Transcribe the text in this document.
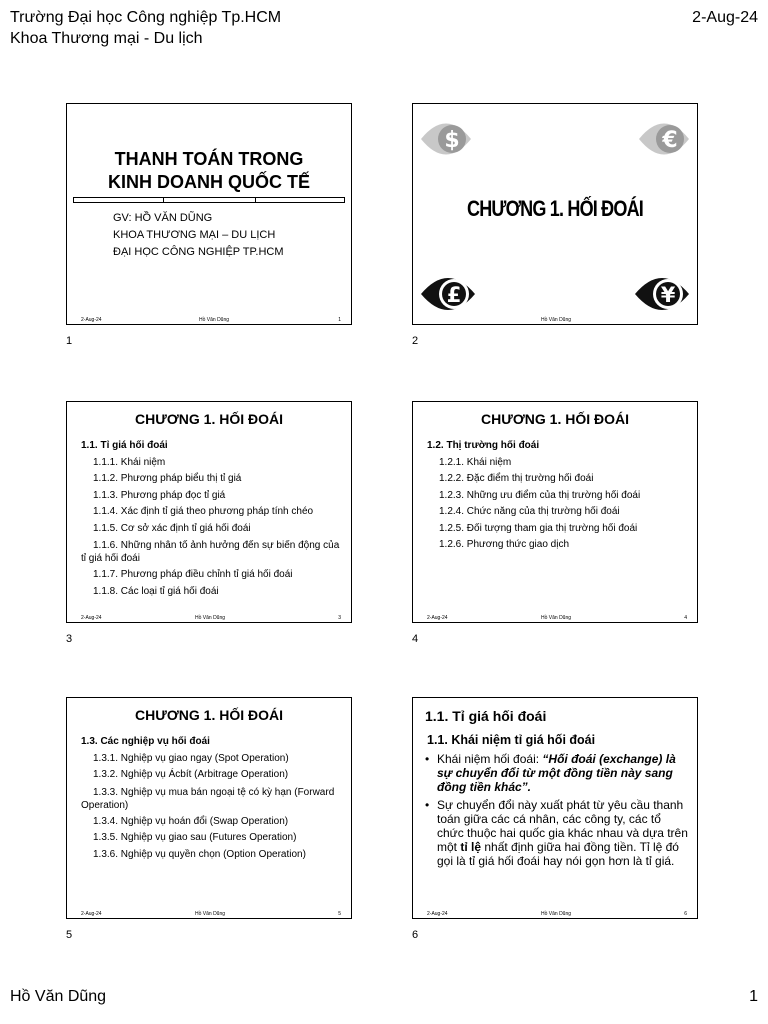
Trường Đại học Công nghiệp Tp.HCM
Khoa Thương mại - Du lịch
2-Aug-24
THANH TOÁN TRONG
KINH DOANH QUỐC TẾ
GV: HỒ VĂN DŨNG
KHOA THƯƠNG MẠI – DU LỊCH
ĐẠI HỌC CÔNG NGHIỆP TP.HCM
2-Aug-24	Hồ Văn Dũng	1
1
$	€
CHƯƠNG 1. HỐI ĐOÁI
£	¥
Hồ Văn Dũng
2
CHƯƠNG 1. HỐI ĐOÁI
1.1. Tỉ giá hối đoái
1.1.1. Khái niệm
1.1.2. Phương pháp biểu thị tỉ giá
1.1.3. Phương pháp đọc tỉ giá
1.1.4. Xác định tỉ giá theo phương pháp tính chéo
1.1.5. Cơ sở xác định tỉ giá hối đoái
1.1.6. Những nhân tố ảnh hưởng đến sự biến động của tỉ giá hối đoái
1.1.7. Phương pháp điều chỉnh tỉ giá hối đoái
1.1.8. Các loại tỉ giá hối đoái
2-Aug-24	Hồ Văn Dũng	3
3
CHƯƠNG 1. HỐI ĐOÁI
1.2. Thị trường hối đoái
1.2.1. Khái niệm
1.2.2. Đặc điểm thị trường hối đoái
1.2.3. Những ưu điểm của thị trường hối đoái
1.2.4. Chức năng của thị trường hối đoái
1.2.5. Đối tượng tham gia thị trường hối đoái
1.2.6. Phương thức giao dịch
2-Aug-24	Hồ Văn Dũng	4
4
CHƯƠNG 1. HỐI ĐOÁI
1.3. Các nghiệp vụ hối đoái
1.3.1. Nghiệp vụ giao ngay (Spot Operation)
1.3.2. Nghiệp vụ Ácbít (Arbitrage Operation)
1.3.3. Nghiệp vụ mua bán ngoại tệ có kỳ hạn (Forward Operation)
1.3.4. Nghiệp vụ hoán đổi (Swap Operation)
1.3.5. Nghiệp vụ giao sau (Futures Operation)
1.3.6. Nghiệp vụ quyền chọn (Option Operation)
2-Aug-24	Hồ Văn Dũng	5
5
1.1. Tỉ giá hối đoái
1.1. Khái niệm tỉ giá hối đoái
• Khái niệm hối đoái: “Hối đoái (exchange) là sự chuyển đổi từ một đồng tiền này sang đồng tiền khác”.
• Sự chuyển đổi này xuất phát từ yêu cầu thanh toán giữa các cá nhân, các công ty, các tổ chức thuộc hai quốc gia khác nhau và dựa trên một tỉ lệ nhất định giữa hai đồng tiền. Tỉ lệ đó gọi là tỉ giá hối đoái hay nói gọn hơn là tỉ giá.
2-Aug-24	Hồ Văn Dũng	6
6
Hồ Văn Dũng	1
